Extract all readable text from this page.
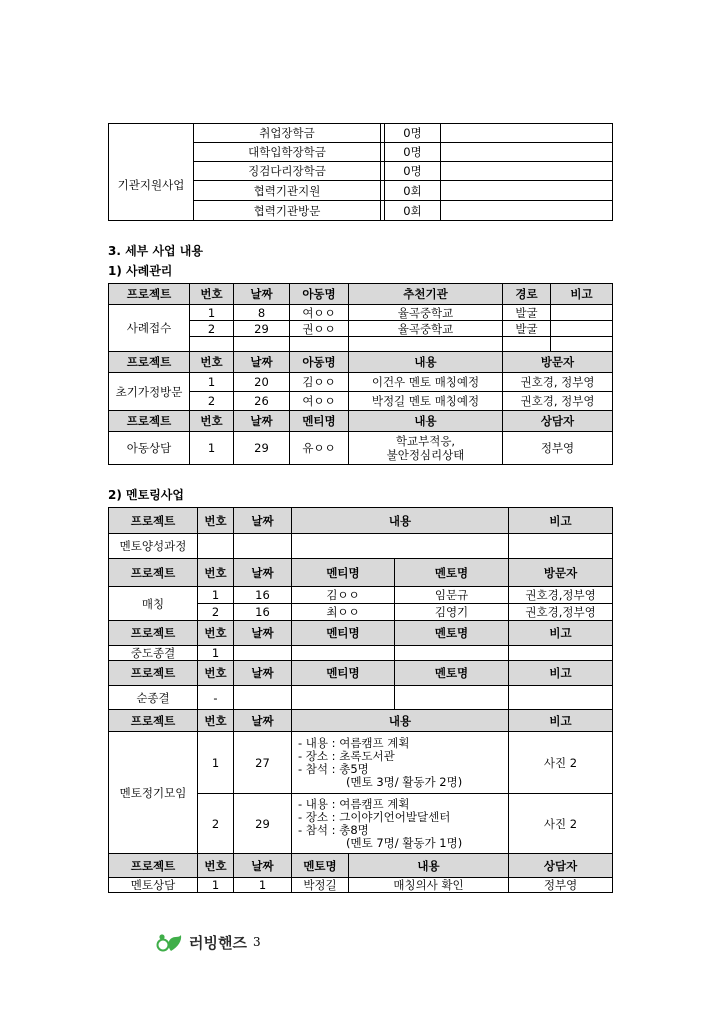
기관지원사업	취업장학금		0명	
	대학입학장학금		0명	
	징검다리장학금		0명	
	협력기관지원		0회	
	협력기관방문		0회	
3. 세부 사업 내용
1) 사례관리
프로젝트	번호	날짜	아동명	추천기관	경로	비고
사례접수	1	8	여ㅇㅇ	율곡중학교	발굴	
	2	29	권ㅇㅇ	율곡중학교	발굴	

프로젝트	번호	날짜	아동명	내용	방문자	
초기가정방문	1	20	김ㅇㅇ	이건우 멘토 매칭예정	권호경, 정부영	
	2	26	여ㅇㅇ	박정길 멘토 매칭예정	권호경, 정부영	
프로젝트	번호	날짜	멘티명	내용	상담자	
아동상담	1	29	유ㅇㅇ	학교부적응,
불안정심리상태	정부영	
2) 멘토링사업
프로젝트	번호	날짜	내용			비고
멘토양성과정						
프로젝트	번호	날짜	멘티명		멘토명	방문자
매칭	1	16	김ㅇㅇ		임문규	권호경,정부영
	2	16	최ㅇㅇ		김영기	권호경,정부영
프로젝트	번호	날짜	멘티명		멘토명	비고
중도종결	1					
프로젝트	번호	날짜	멘티명		멘토명	비고
순종결	-					
프로젝트	번호	날짜	내용			비고
멘토정기모임	1	27	- 내용 : 여름캠프 계획
- 장소 : 초록도서관
- 참석 : 총5명
(멘토 3명/ 활동가 2명)			사진 2
	2	29	- 내용 : 여름캠프 계획
- 장소 : 그이야기언어발달센터
- 참석 : 총8명
(멘토 7명/ 활동가 1명)			사진 2
프로젝트	번호	날짜	멘토명	내용		상담자
멘토상담	1	1	박정길	매칭의사 확인		정부영
러빙핸즈 3
